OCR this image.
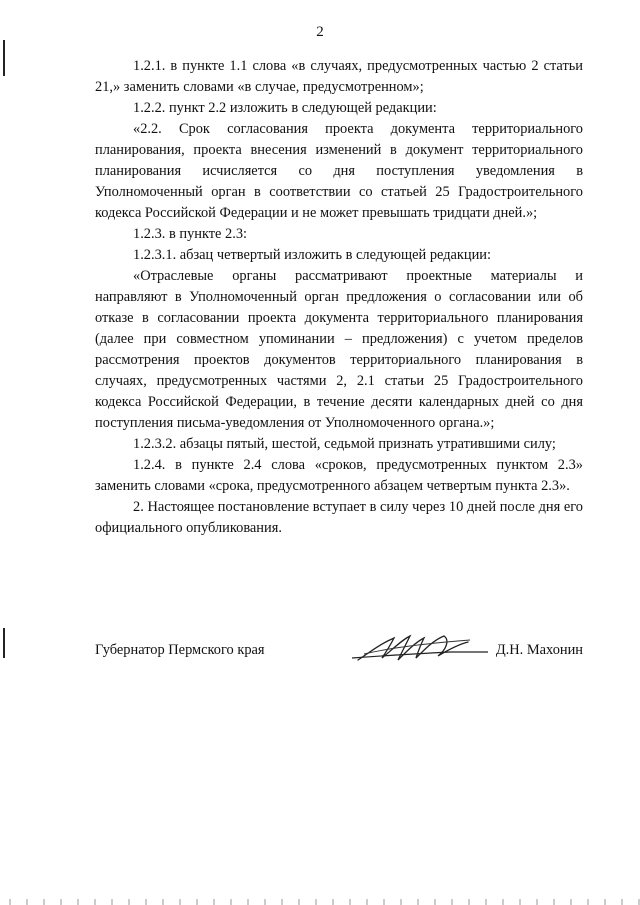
2

1.2.1. в пункте 1.1 слова «в случаях, предусмотренных частью 2 статьи 21,» заменить словами «в случае, предусмотренном»;

1.2.2. пункт 2.2 изложить в следующей редакции:

«2.2. Срок согласования проекта документа территориального планирования, проекта внесения изменений в документ территориального планирования исчисляется со дня поступления уведомления в Уполномоченный орган в соответствии со статьей 25 Градостроительного кодекса Российской Федерации и не может превышать тридцати дней.»;

1.2.3. в пункте 2.3:

1.2.3.1. абзац четвертый изложить в следующей редакции:

«Отраслевые органы рассматривают проектные материалы и направляют в Уполномоченный орган предложения о согласовании или об отказе в согласовании проекта документа территориального планирования (далее при совместном упоминании – предложения) с учетом пределов рассмотрения проектов документов территориального планирования в случаях, предусмотренных частями 2, 2.1 статьи 25 Градостроительного кодекса Российской Федерации, в течение десяти календарных дней со дня поступления письма-уведомления от Уполномоченного органа.»;

1.2.3.2. абзацы пятый, шестой, седьмой признать утратившими силу;

1.2.4. в пункте 2.4 слова «сроков, предусмотренных пунктом 2.3» заменить словами «срока, предусмотренного абзацем четвертым пункта 2.3».

2. Настоящее постановление вступает в силу через 10 дней после дня его официального опубликования.

Губернатор Пермского края	Д.Н. Махонин
